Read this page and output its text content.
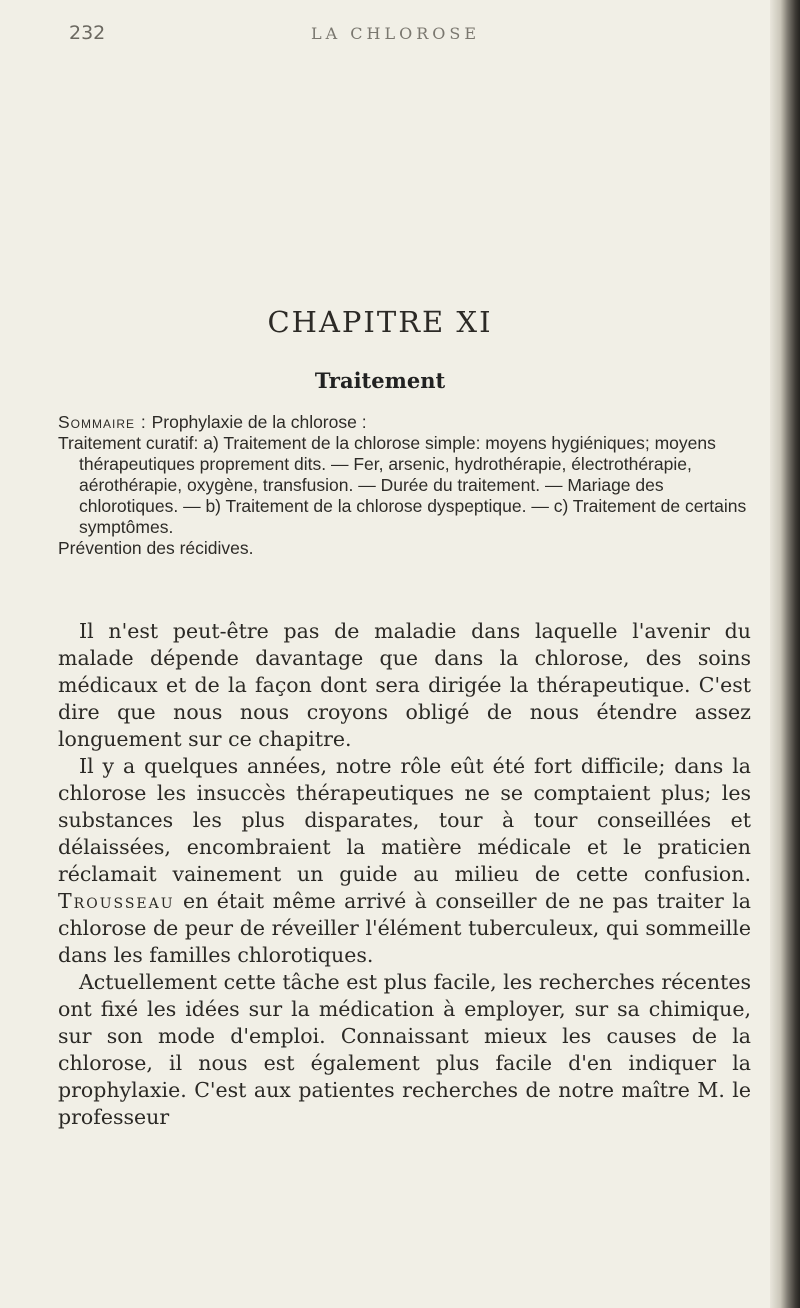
232	LA CHLOROSE
CHAPITRE XI
Traitement

Sommaire : Prophylaxie de la chlorose :

Traitement curatif: a) Traitement de la chlorose simple: moyens hygiéniques; moyens thérapeutiques proprement dits. — Fer, arsenic, hydrothérapie, électrothérapie, aérothérapie, oxygène, transfusion. — Durée du traitement. — Mariage des chlorotiques. — b) Traitement de la chlorose dyspeptique. — c) Traitement de certains symptômes.

Prévention des récidives.

Il n'est peut-être pas de maladie dans laquelle l'avenir du malade dépende davantage que dans la chlorose, des soins médicaux et de la façon dont sera dirigée la thérapeutique. C'est dire que nous nous croyons obligé de nous étendre assez longuement sur ce chapitre.

Il y a quelques années, notre rôle eût été fort difficile; dans la chlorose les insuccès thérapeutiques ne se comptaient plus; les substances les plus disparates, tour à tour conseillées et délaissées, encombraient la matière médicale et le praticien réclamait vainement un guide au milieu de cette confusion. Trousseau en était même arrivé à conseiller de ne pas traiter la chlorose de peur de réveiller l'élément tuberculeux, qui sommeille dans les familles chlorotiques.

Actuellement cette tâche est plus facile, les recherches récentes ont fixé les idées sur la médication à employer, sur sa chimique, sur son mode d'emploi. Connaissant mieux les causes de la chlorose, il nous est également plus facile d'en indiquer la prophylaxie. C'est aux patientes recherches de notre maître M. le professeur
